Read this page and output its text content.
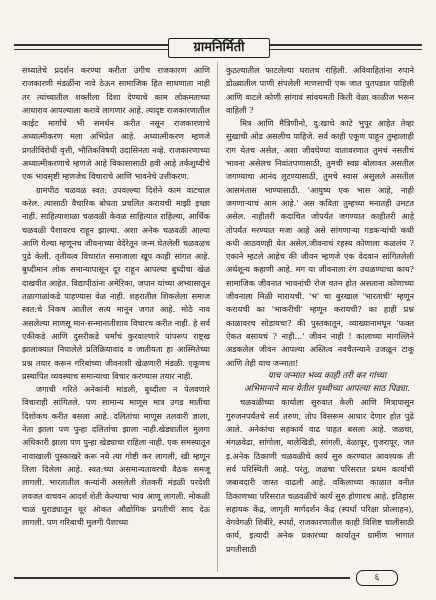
ग्रामनिर्मिती

सध्यातेचे प्रदर्शन करण्या करीता उगीच राजकारण आणि राजकारणी मंडळींना नावे ठेऊन सामाजिक हित साधणाता नाही तर त्यांच्यातील शक्तीला दिशा देण्याचे काम लोकमताच्या आधाराव आपल्याला करावे लागणार आहे. त्यादृष्ट राजकारणातील काईट मार्गांचे भी समर्थन करीत नसून राजकारणाचे अध्यात्मीकरण मला अभिप्रेत आहे. अध्यात्मीकरण म्हणजे प्रगतीविरोधी वृत्ती, भौतिकविषयी उदासिनता नव्हे. राजकारणाच्या अध्यात्मीकरणाचे म्हणजे आहे विकासासाठी हवी आहे तर्कशुध्दीचे एक भावसृष्टी म्हणजेच विचाराचे आणि भावनेचे उत्तीकरण.

ग्रामपीठ चळवळ स्वत: उपवल्ल्या दिशेने काम वाटचाल करेल. त्यासाठी वैचारिक बोधता प्रचलित करायची माझी इच्छा नाही. साहित्याशाळा चळवळी केवळ साहित्यात राहिल्या, आर्थिक चळवळी पैशावरच राहून झाल्या. अशा अनेक चळवळी आल्या आणि गेल्या म्हणूनच जीवनाच्या वेदेरेतून जन्म घेतलेली चळवळच पुढे केली. तृतीयत्व विचारांत समाजाला खूप काही सांगत आहे. बुध्दीमान लोक समान्यापासून दूर राहून आपल्या बुध्दीचा खेळ दाखवीत आहेत. विद्यापीठांना अमेरिका, जपान यांच्या अभ्यासातून तळागाळांकडे पाहण्यास वेळ नाही. शहरातील शिकलेला समाज स्वत:चे निकष आतील सत्य मानून जगत आहे. मोठे नाव असलेल्या माणसू मान-सन्मानातीशाय विचारच करीत नाही. हे सर्व एकीकडे आणि दुसरीकडे धर्मांचं कुरवाल्णारे पांपरूप राष्ट्रख झालाक्यात निघालेले प्रतिक्रियावाद व जातीयता हा आस्मितेच्या प्रश्न तयार करून गरिबांच्या जीवनाशी खेळणारी मंडळी. एकूणच प्रस्थापित व्यवस्थाच समान्याचा विचार करण्यास तयार नाही.

जगाची गरिते अनेकांनी मांडली, बुध्दीला न पेलवणारे विचाराही सांगितले. पण सामान्य माणूस मात्र उगड मातीचा दिशोकच करीत बसला आहे. दलितांचा माणूस तलवारी ज्ञाला, नेता झाला पण पुन्हा दलितांचा झाला नाही.खेड्यातील मुलगा अधिकारी झाला पण पुन्हा खेड्याचा राहिला नाही. एक समस्यातून नावाखाली पुस्काखरे करू नये त्या गोष्टी कर लागली, खी म्हणून तिला दिलेला आहे. स्वत:च्या असमान्यतावरची वैठक समजू लागली. भारतातील कन्यांनी असलेली शेतकरी मंडळी परदेशी लवजत वाचवन आदर्श शेती केल्याचा भाव आणू लागली. मोकळी चाळ धुराड्यातून धूर ओकत औद्योगिक प्रगतीची साद देऊ लागली. पण गरिबाची मुलगी पैशाच्या

कुठल्यातील फाटलेल्या घरातच राहिली. अविवाहितांना रुपाने डोळ्यातील पाणी संपलेली माणसाची एक जात पुतपडात पाहिली आणि वाटले कोणी सांगावं सांवयमती किती वेळा काळीज भरून वाहिली ?

मित्र आणि मैत्रिणीनो, दु:खाचे काटे भुपूर आहेत तेव्हा सुखाची ओड असलीच पाहिजे. सर्व काही एकूण पाहून तुम्हालाही राग येतच असेल, अशा जीवघेण्या वातावरणात तुमचं नसतीचं भावना असेलच निवांतपणासाठी, तुमची स्वप्न बोलावत असतील जगण्याचा आनंद लुटण्यासाठी, तुमचे स्वास असुलले असतील आसमंतास भाण्यासाठी. 'आयुष्य एक भास आहे, नाही जगणाऱ्याचं आम आहे.' अस कविता तुम्हच्या मनातही उमटत असेल. नाहीतरी कदाचित जोपर्यंत जगण्यात काहीतरी आहे तोपर्यंत मरण्यात मजा आहे असे सांगणाऱ्या गडकऱ्यांची कधी कधी आठवणही येत असेल.जीवनाचं रहस्य कोणाला कळलंय ? एकाने म्हटले आहेच की जीवन म्हणजे एक वेदवान सांगितलेली अर्थशून्य कहाणी आहे. मग या जीवनाला रंग उधळण्याचा काय? सामाजिक जीवनात भावनांची रोज वतन होत असताना कोणाच्या जीवनाला मिळी मारायची. 'भ' चा बुरखाल 'भारताची' म्हणून करायची का 'भाकरीची' म्हणून करायची? का हाही प्रश्न काळावरच सोडायचा? की पुस्तकातून, व्याख्यानामधून 'फक्त ऐकत बसायचं ? नाही...' जीवन नाही ! कालाच्या मागल्लिने अडकलेल जीवन आपल्या अस्तित्व नवचैतन्याने उजळून टाकू आणि तेही याच जन्माता!

याच जन्मात भव्य काही तरी कर गांच्या

अभिमानाने मान येतील पृथ्वीच्या आपल्या साठ पिढ्या.

चळवळीच्या कार्याला सुरुवात केली आणि मित्रापासून गुरुजनपर्यंतचे सर्व तरुण, तोप विसरूम आधार देणार होत पुढे आले. अनेकांचा सहकार्य वाढ पाहत बसला आहे. जळचा, मंगळवेढा, सांगोला, बालेखिडी, सांगली, वेळापूर, गुजरापूर, जत इ.अनेक ठिकाणी चळवळीचे कार्य सुरु करण्यात आवश्यक ती सर्व परिस्थिती आहे. परंतु, जळचा परिसरात प्रथम कार्याची जबाबदारी जास्त वाढली आहे. वकिलाच्या काळात वनीत ठिकाणच्या परिसरात चळवळीचे कार्य सुरु होणारच आहे. इतिहास सहायक केंद्र, जागृती मार्गदर्शन केंद्र (स्पर्धा परिक्षा प्रोत्साहन), वेगवेगळी शिबीरे, स्पर्धा, राजकारणातील काही विशिष्ट चालीसाठी कार्य, इत्यादी अनेक प्रकारच्या कार्यातून ग्रामीण भागात प्रगतीसाठी

६
